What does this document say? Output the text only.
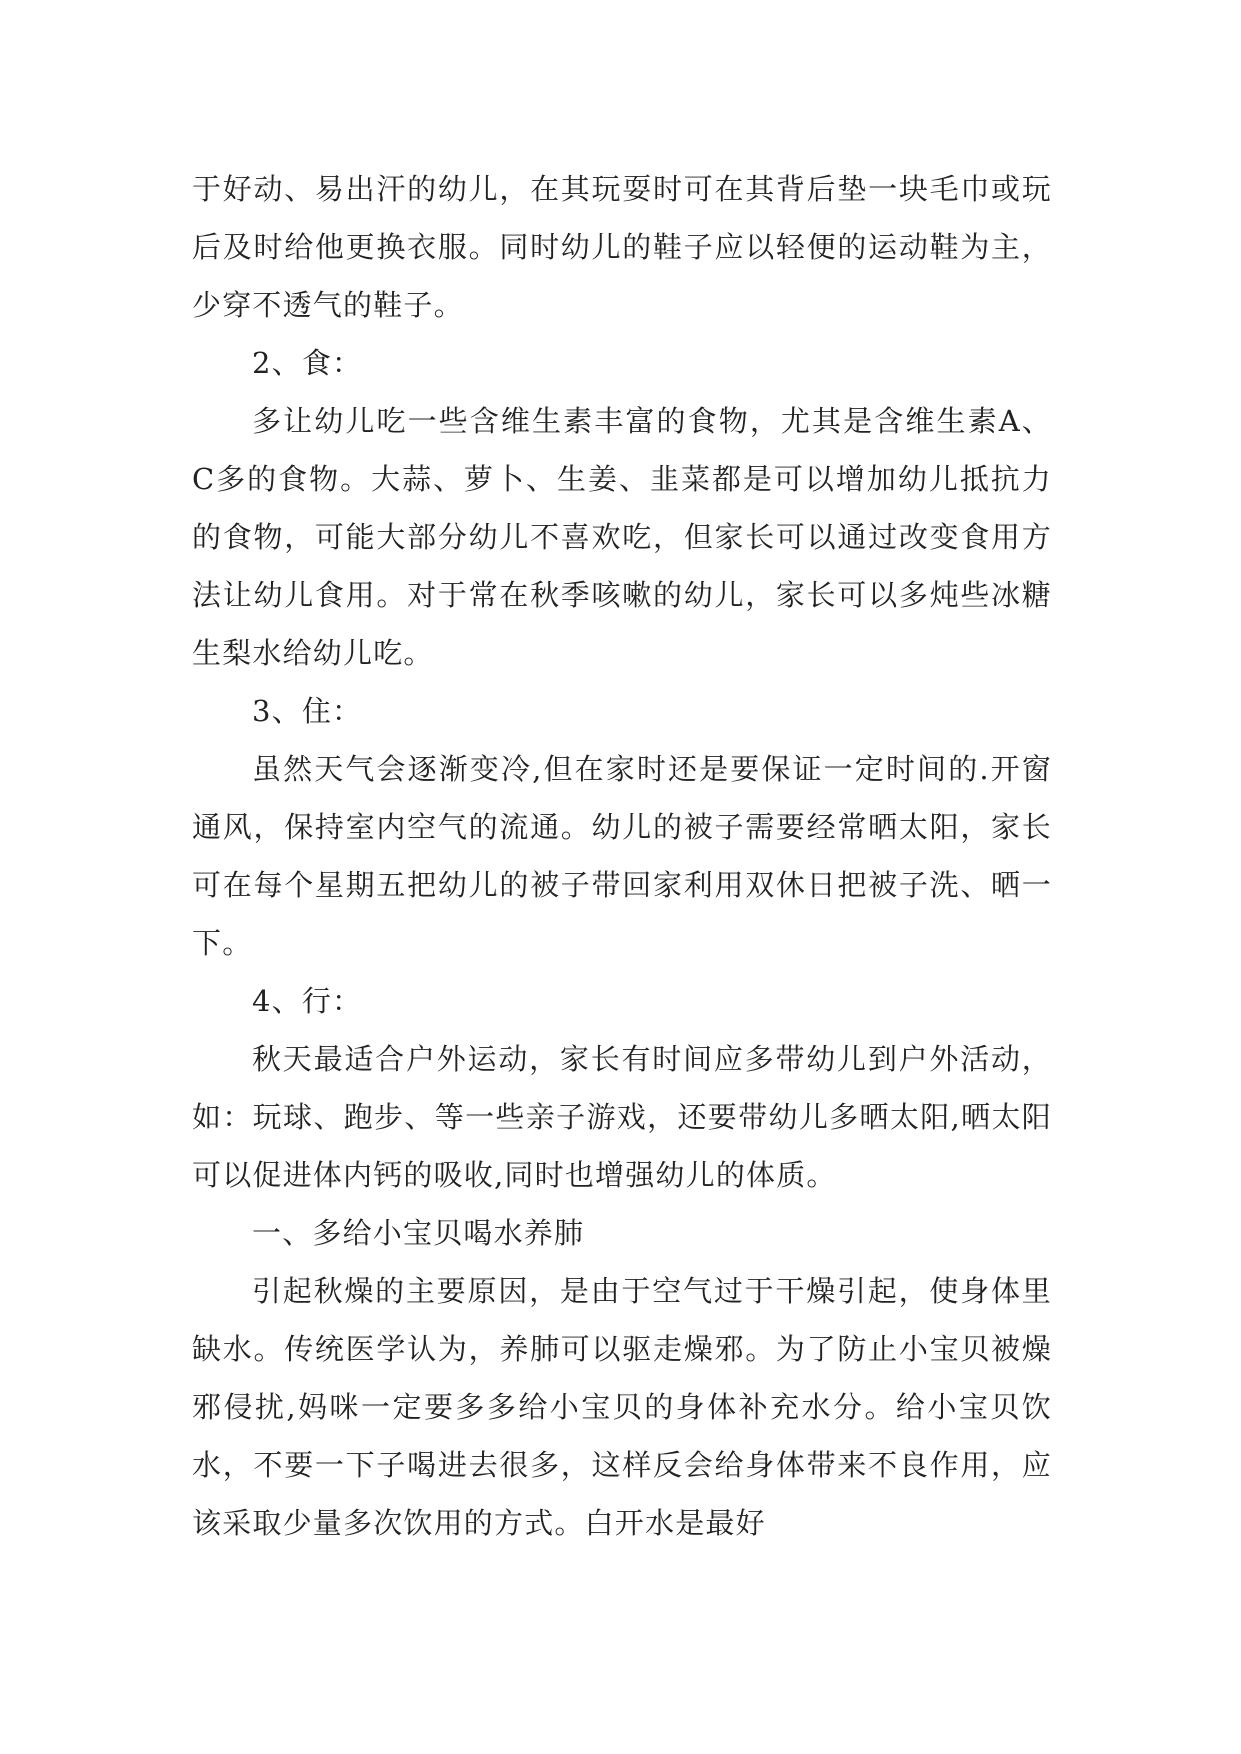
于好动、易出汗的幼儿，在其玩耍时可在其背后垫一块毛巾或玩后及时给他更换衣服。同时幼儿的鞋子应以轻便的运动鞋为主，少穿不透气的鞋子。

2、食：

多让幼儿吃一些含维生素丰富的食物，尤其是含维生素A、C多的食物。大蒜、萝卜、生姜、韭菜都是可以增加幼儿抵抗力的食物，可能大部分幼儿不喜欢吃，但家长可以通过改变食用方法让幼儿食用。对于常在秋季咳嗽的幼儿，家长可以多炖些冰糖生梨水给幼儿吃。

3、住：

虽然天气会逐渐变冷,但在家时还是要保证一定时间的.开窗通风，保持室内空气的流通。幼儿的被子需要经常晒太阳，家长可在每个星期五把幼儿的被子带回家利用双休日把被子洗、晒一下。

4、行：

秋天最适合户外运动，家长有时间应多带幼儿到户外活动，如：玩球、跑步、等一些亲子游戏，还要带幼儿多晒太阳,晒太阳可以促进体内钙的吸收,同时也增强幼儿的体质。

一、多给小宝贝喝水养肺

引起秋燥的主要原因，是由于空气过于干燥引起，使身体里缺水。传统医学认为，养肺可以驱走燥邪。为了防止小宝贝被燥邪侵扰,妈咪一定要多多给小宝贝的身体补充水分。给小宝贝饮水，不要一下子喝进去很多，这样反会给身体带来不良作用，应该采取少量多次饮用的方式。白开水是最好
